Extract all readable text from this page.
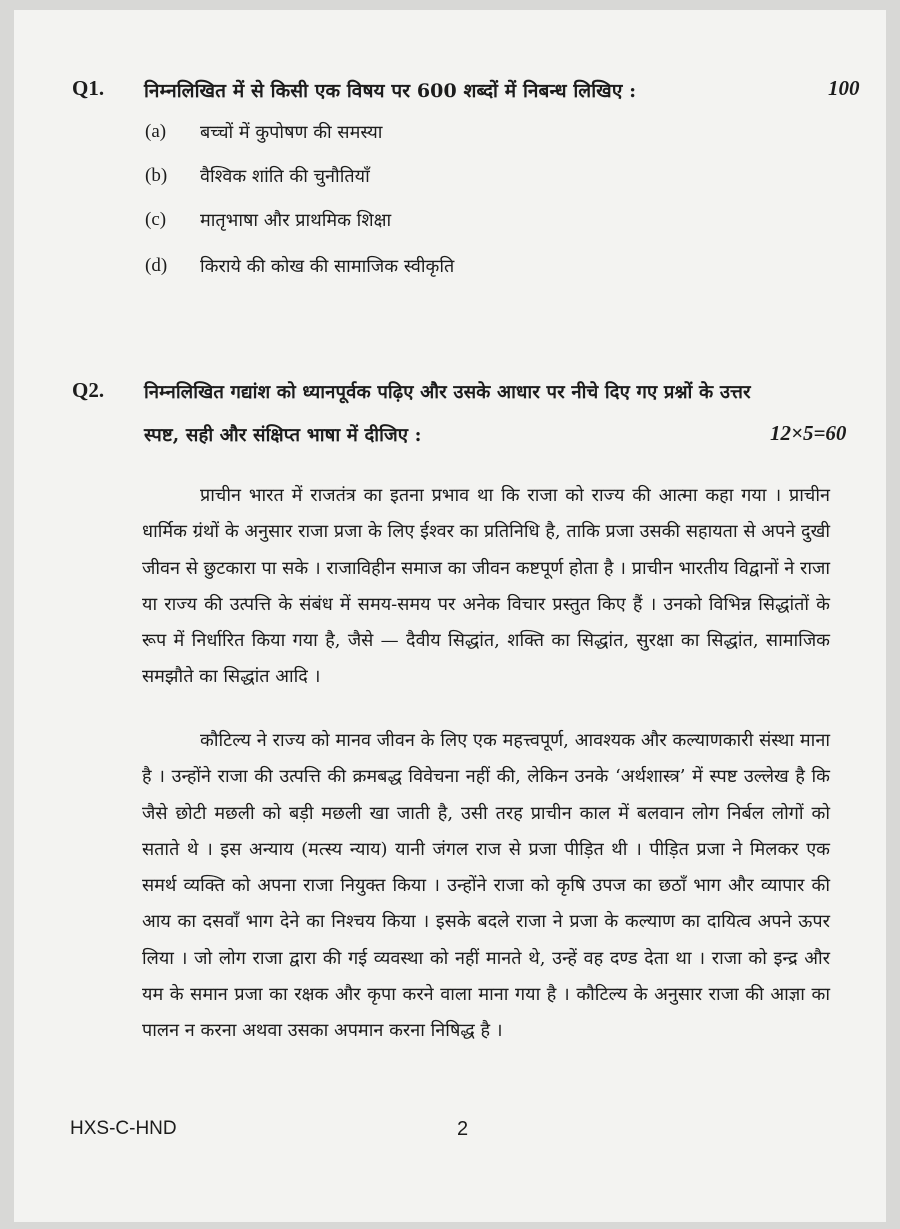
Q1. निम्नलिखित में से किसी एक विषय पर 600 शब्दों में निबन्ध लिखिए :	100
(a) बच्चों में कुपोषण की समस्या
(b) वैश्विक शांति की चुनौतियाँ
(c) मातृभाषा और प्राथमिक शिक्षा
(d) किराये की कोख की सामाजिक स्वीकृति
Q2. निम्नलिखित गद्यांश को ध्यानपूर्वक पढ़िए और उसके आधार पर नीचे दिए गए प्रश्नों के उत्तर
स्पष्ट, सही और संक्षिप्त भाषा में दीजिए :	12×5=60

प्राचीन भारत में राजतंत्र का इतना प्रभाव था कि राजा को राज्य की आत्मा कहा गया । प्राचीन धार्मिक ग्रंथों के अनुसार राजा प्रजा के लिए ईश्वर का प्रतिनिधि है, ताकि प्रजा उसकी सहायता से अपने दुखी जीवन से छुटकारा पा सके । राजाविहीन समाज का जीवन कष्टपूर्ण होता है । प्राचीन भारतीय विद्वानों ने राजा या राज्य की उत्पत्ति के संबंध में समय-समय पर अनेक विचार प्रस्तुत किए हैं । उनको विभिन्न सिद्धांतों के रूप में निर्धारित किया गया है, जैसे — दैवीय सिद्धांत, शक्ति का सिद्धांत, सुरक्षा का सिद्धांत, सामाजिक समझौते का सिद्धांत आदि ।

कौटिल्य ने राज्य को मानव जीवन के लिए एक महत्त्वपूर्ण, आवश्यक और कल्याणकारी संस्था माना है । उन्होंने राजा की उत्पत्ति की क्रमबद्ध विवेचना नहीं की, लेकिन उनके ‘अर्थशास्त्र’ में स्पष्ट उल्लेख है कि जैसे छोटी मछली को बड़ी मछली खा जाती है, उसी तरह प्राचीन काल में बलवान लोग निर्बल लोगों को सताते थे । इस अन्याय (मत्स्य न्याय) यानी जंगल राज से प्रजा पीड़ित थी । पीड़ित प्रजा ने मिलकर एक समर्थ व्यक्ति को अपना राजा नियुक्त किया । उन्होंने राजा को कृषि उपज का छठाँ भाग और व्यापार की आय का दसवाँ भाग देने का निश्चय किया । इसके बदले राजा ने प्रजा के कल्याण का दायित्व अपने ऊपर लिया । जो लोग राजा द्वारा की गई व्यवस्था को नहीं मानते थे, उन्हें वह दण्ड देता था । राजा को इन्द्र और यम के समान प्रजा का रक्षक और कृपा करने वाला माना गया है । कौटिल्य के अनुसार राजा की आज्ञा का पालन न करना अथवा उसका अपमान करना निषिद्ध है ।

HXS-C-HND	2
